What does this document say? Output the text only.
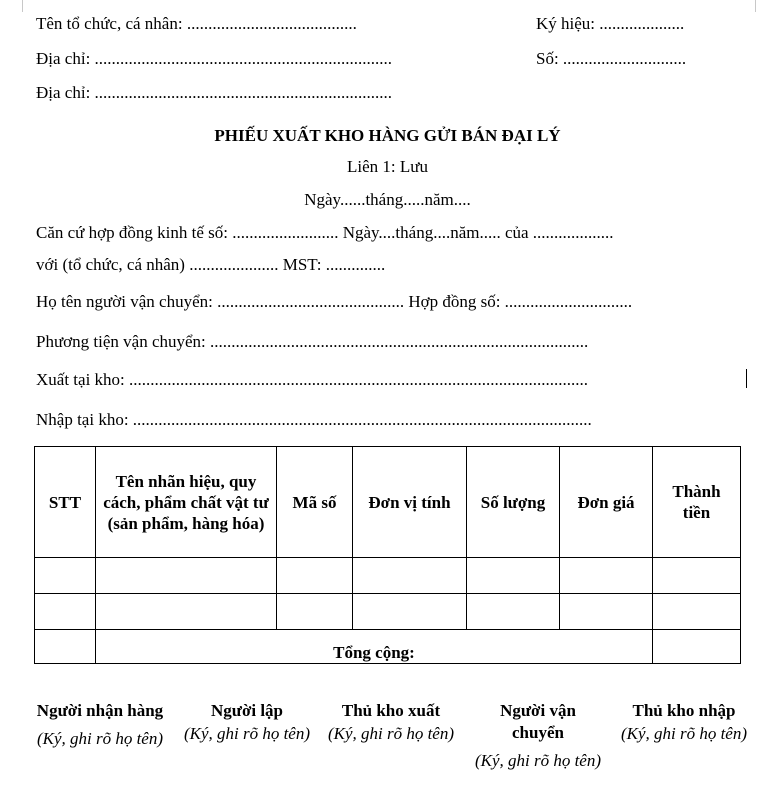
Tên tổ chức, cá nhân: ........................................	Ký hiệu: ....................
Địa chỉ: ......................................................................	Số: .............................
Địa chỉ: ......................................................................
PHIẾU XUẤT KHO HÀNG GỬI BÁN ĐẠI LÝ
Liên 1: Lưu
Ngày......tháng.....năm....
Căn cứ hợp đồng kinh tế số: ......................... Ngày....tháng....năm..... của ...................
với (tổ chức, cá nhân) ..................... MST: ..............
Họ tên người vận chuyển: ............................................ Hợp đồng số: ..............................
Phương tiện vận chuyển: .........................................................................................
Xuất tại kho: ............................................................................................................
Nhập tại kho: ............................................................................................................
STT	Tên nhãn hiệu, quy cách, phẩm chất vật tư (sản phẩm, hàng hóa)	Mã số	Đơn vị tính	Số lượng	Đơn giá	Thành tiền

	Tổng cộng:					
Người nhận hàng
(Ký, ghi rõ họ tên)
Người lập
(Ký, ghi rõ họ tên)
Thủ kho xuất
(Ký, ghi rõ họ tên)
Người vận chuyển
(Ký, ghi rõ họ tên)
Thủ kho nhập
(Ký, ghi rõ họ tên)
